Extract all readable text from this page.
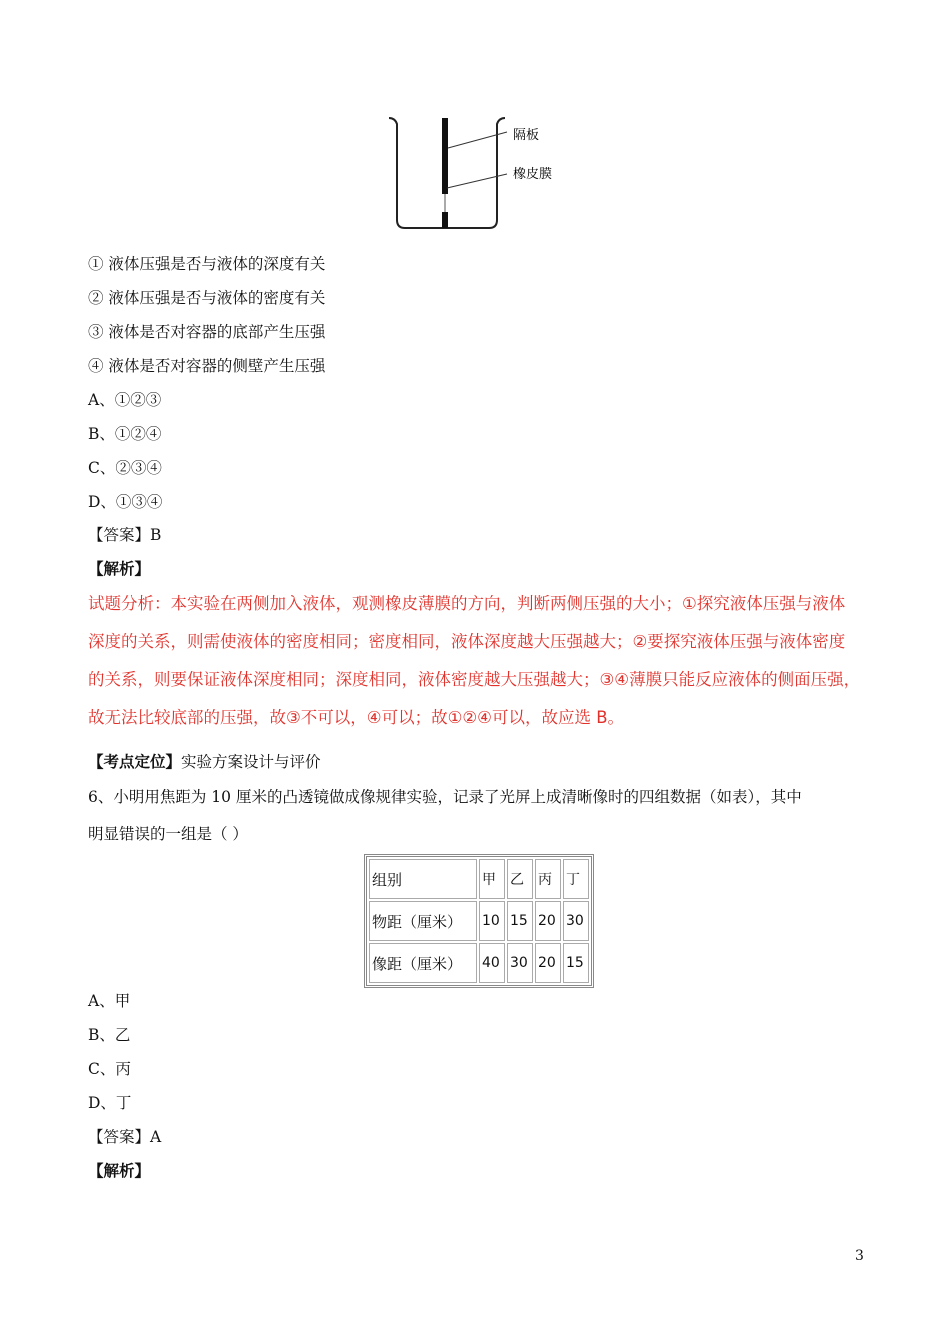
隔板
橡皮膜
① 液体压强是否与液体的深度有关
② 液体压强是否与液体的密度有关
③ 液体是否对容器的底部产生压强
④ 液体是否对容器的侧壁产生压强
A、①②③
B、①②④
C、②③④
D、①③④
【答案】B
【解析】
试题分析：本实验在两侧加入液体，观测橡皮薄膜的方向，判断两侧压强的大小；①探究液体压强与液体
深度的关系，则需使液体的密度相同；密度相同，液体深度越大压强越大；②要探究液体压强与液体密度
的关系，则要保证液体深度相同；深度相同，液体密度越大压强越大；③④薄膜只能反应液体的侧面压强，
故无法比较底部的压强，故③不可以，④可以；故①②④可以，故应选 B。
【考点定位】实验方案设计与评价
6、小明用焦距为 10 厘米的凸透镜做成像规律实验，记录了光屏上成清晰像时的四组数据（如表），其中
明显错误的一组是（ ）
组别	甲	乙	丙	丁
物距（厘米）	10	15	20	30
像距（厘米）	40	30	20	15
A、甲
B、乙
C、丙
D、丁
【答案】A
【解析】
3
